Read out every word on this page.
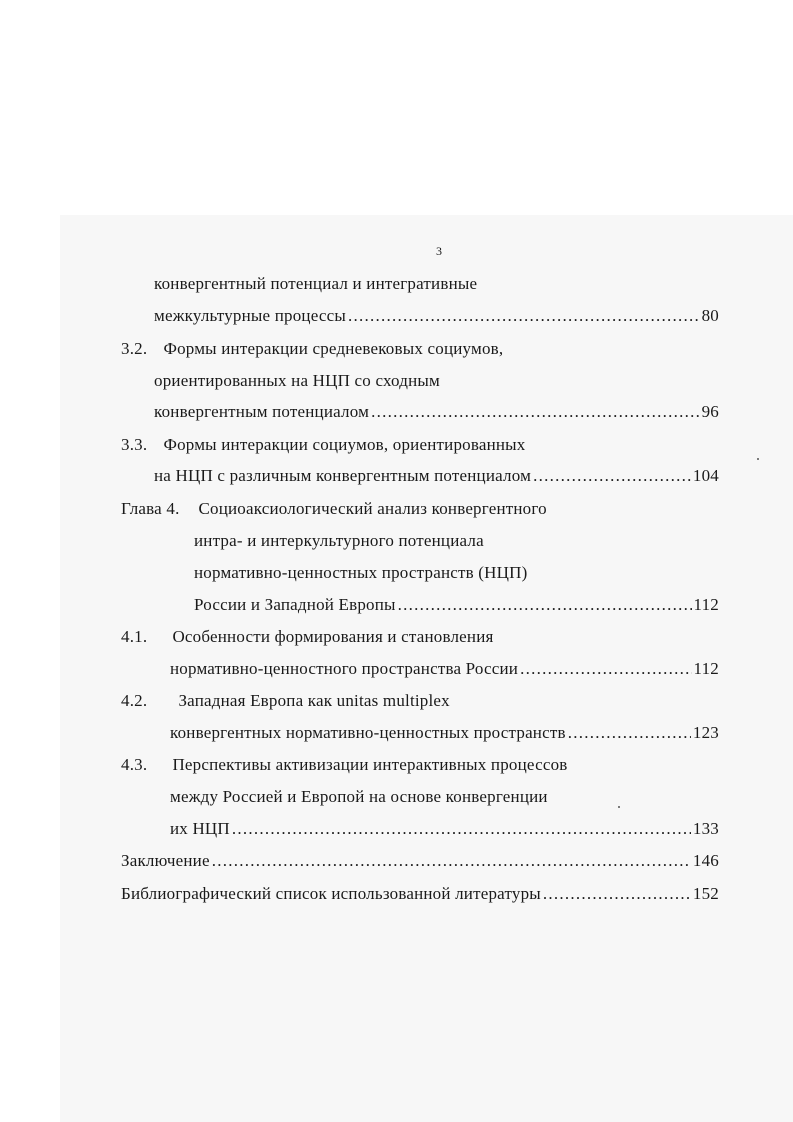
3
конвергентный потенциал и интегративные
межкультурные процессы . . .	80
3.2. Формы интеракции средневековых социумов,
ориентированных на НЦП со сходным
конвергентным потенциалом . . .	96
3.3. Формы интеракции социумов, ориентированных
на НЦП с различным конвергентным потенциалом . . .	104
Глава 4. Социоаксиологический анализ конвергентного
интра- и интеркультурного потенциала
нормативно-ценностных пространств (НЦП)
России и Западной Европы . . .	112
4.1. Особенности формирования и становления
нормативно-ценностного пространства России . . .	112
4.2. Западная Европа как unitas multiplex
конвергентных нормативно-ценностных пространств . . .	123
4.3. Перспективы активизации интерактивных процессов
между Россией и Европой на основе конвергенции
их НЦП . . .	133
Заключение . . .	146
Библиографический список использованной литературы . . .	152
